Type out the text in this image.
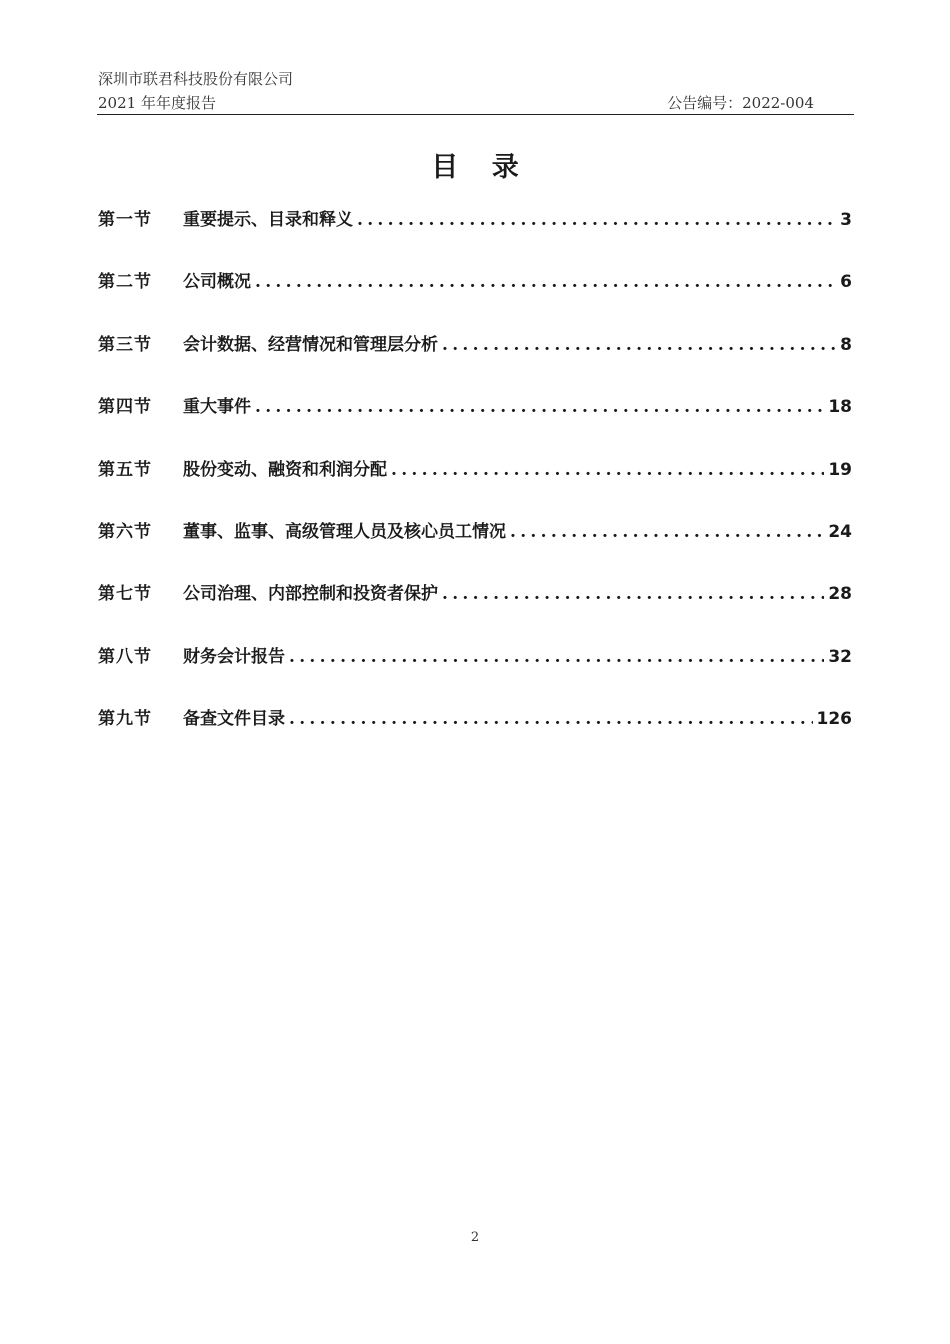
深圳市联君科技股份有限公司
2021 年年度报告	公告编号：2022-004
目 录
第一节	重要提示、目录和释义 .....	3
第二节	公司概况 .....	6
第三节	会计数据、经营情况和管理层分析 .....	8
第四节	重大事件 .....	18
第五节	股份变动、融资和利润分配 .....	19
第六节	董事、监事、高级管理人员及核心员工情况 .....	24
第七节	公司治理、内部控制和投资者保护 .....	28
第八节	财务会计报告 .....	32
第九节	备查文件目录 .....	126
2
